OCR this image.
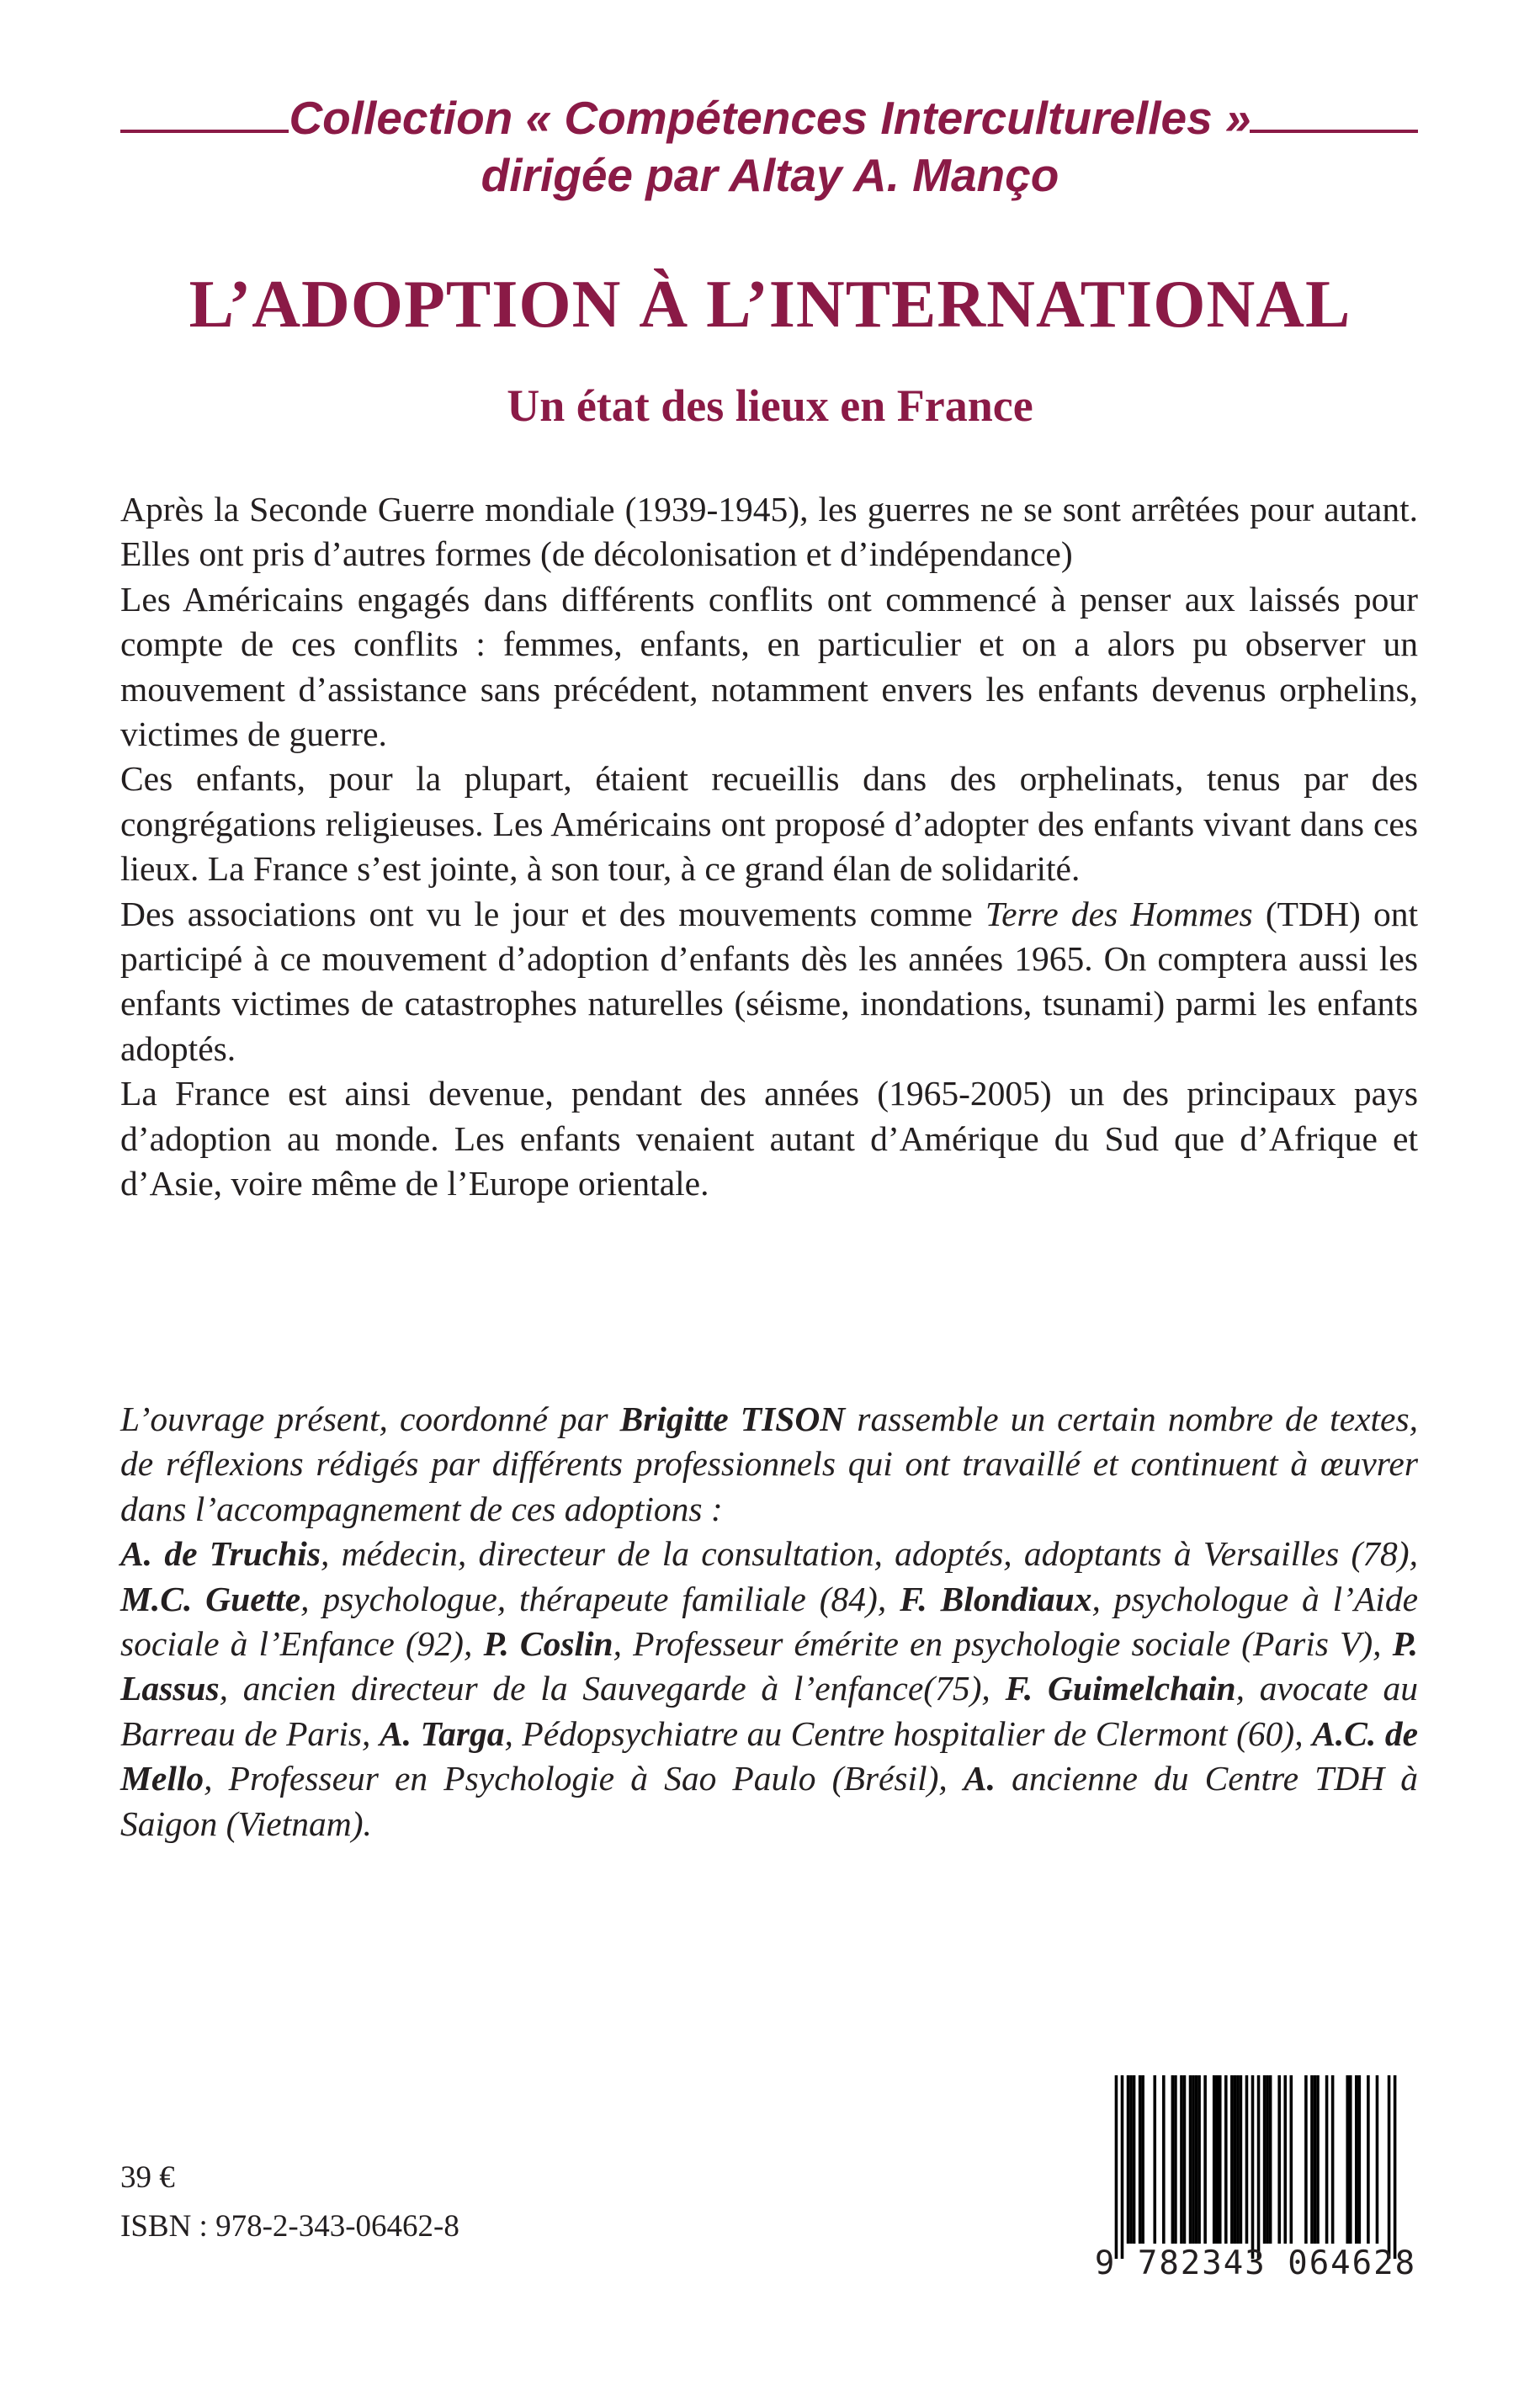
Collection « Compétences Interculturelles »
dirigée par Altay A. Manço
L’ADOPTION À L’INTERNATIONAL
Un état des lieux en France

Après la Seconde Guerre mondiale (1939-1945), les guerres ne se sont arrêtées pour autant. Elles ont pris d’autres formes (de décolonisation et d’indépendance)

Les Américains engagés dans différents conflits ont commencé à penser aux laissés pour compte de ces conflits : femmes, enfants, en particulier et on a alors pu observer un mouvement d’assistance sans précédent, notamment envers les enfants devenus orphelins, victimes de guerre.

Ces enfants, pour la plupart, étaient recueillis dans des orphelinats, tenus par des congrégations religieuses. Les Américains ont proposé d’adopter des enfants vivant dans ces lieux. La France s’est jointe, à son tour, à ce grand élan de solidarité.

Des associations ont vu le jour et des mouvements comme Terre des Hommes (TDH) ont participé à ce mouvement d’adoption d’enfants dès les années 1965. On comptera aussi les enfants victimes de catastrophes naturelles (séisme, inondations, tsunami) parmi les enfants adoptés.

La France est ainsi devenue, pendant des années (1965-2005) un des principaux pays d’adoption au monde. Les enfants venaient autant d’Amérique du Sud que d’Afrique et d’Asie, voire même de l’Europe orientale.

L’ouvrage présent, coordonné par Brigitte TISON rassemble un certain nombre de textes, de réflexions rédigés par différents professionnels qui ont travaillé et continuent à œuvrer dans l’accompagnement de ces adoptions :

A. de Truchis, médecin, directeur de la consultation, adoptés, adoptants à Versailles (78), M.C. Guette, psychologue, thérapeute familiale (84), F. Blondiaux, psychologue à l’Aide sociale à l’Enfance (92), P. Coslin, Professeur émérite en psychologie sociale (Paris V), P. Lassus, ancien directeur de la Sauvegarde à l’enfance(75), F. Guimelchain, avocate au Barreau de Paris, A. Targa, Pédopsychiatre au Centre hospitalier de Clermont (60), A.C. de Mello, Professeur en Psychologie à Sao Paulo (Brésil), A. ancienne du Centre TDH à Saigon (Vietnam).

39 €
ISBN : 978-2-343-06462-8
9 782343 064628
